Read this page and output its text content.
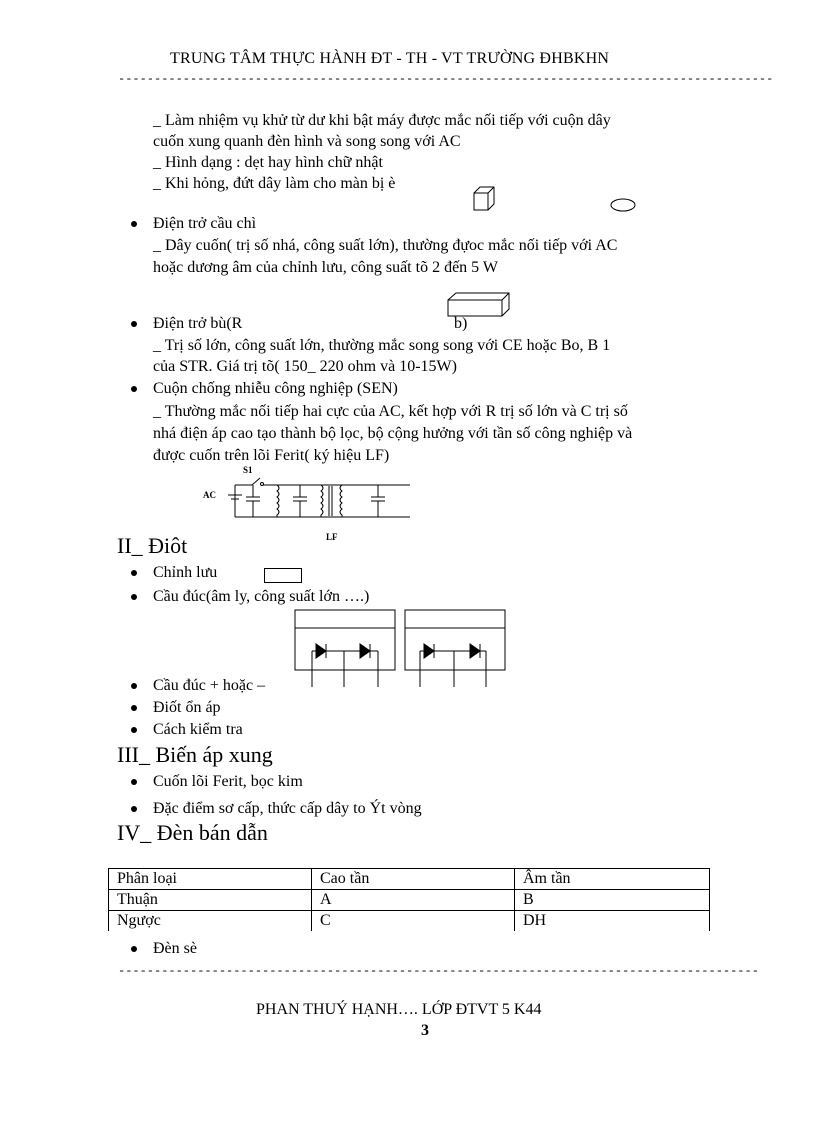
TRUNG TÂM THỰC HÀNH ĐT - TH - VT TRƯỜNG ĐHBKHN
-------------------------------------------------------------------------------------------
_ Làm nhiệm vụ khử từ dư khi bật máy được mắc nối tiếp với cuộn dây
cuốn xung quanh đèn hình và song song với AC
_ Hình dạng : dẹt hay hình chữ nhật
_ Khi hỏng, đứt dây làm cho màn bị è
Điện trở cầu chì
_ Dây cuốn( trị số nhá, công suất lớn), thường đựoc mắc nối tiếp với AC
hoặc dương âm của chỉnh lưu, công suất tõ 2 đến 5 W
Điện trở bù(R	b)
_ Trị số lớn, công suất lớn, thường mắc song song với CE hoặc Bo, B 1
của STR. Giá trị tõ( 150_ 220 ohm và 10-15W)
Cuộn chống nhiễu công nghiệp (SEN)
_ Thường mắc nối tiếp hai cực của AC, kết hợp với R trị số lớn và C trị số
nhá điện áp cao tạo thành bộ lọc, bộ cộng hưởng với tần số công nghiệp và
được cuốn trên lõi Ferit( ký hiệu LF)
S1
AC
LF
II_ Điôt
Chỉnh lưu
Cầu đúc(âm ly, công suất lớn ….)
Cầu đúc + hoặc –
Điốt ổn áp
Cách kiểm tra
III_ Biến áp xung
Cuốn lõi Ferit, bọc kim
Đặc điểm sơ cấp, thức cấp dây to Ýt vòng
IV_ Đèn bán dẫn
Phân loại	Cao tần	Âm tần
Thuận	A	B
Ngược	C	DH
Đèn sè
-----------------------------------------------------------------------------------------
PHAN THUÝ HẠNH…. LỚP ĐTVT 5 K44
3
